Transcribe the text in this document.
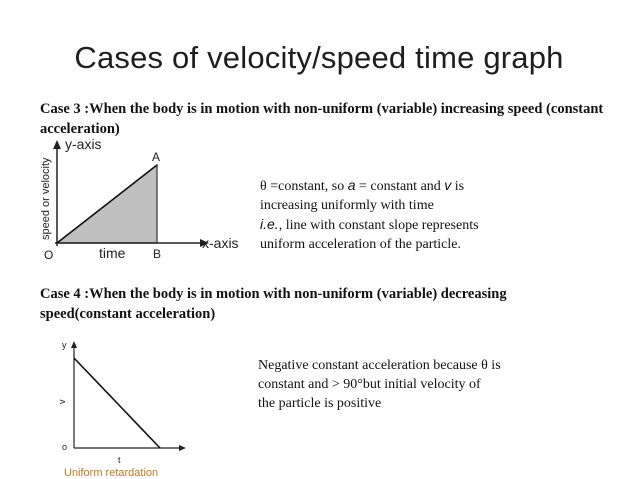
Cases of velocity/speed time graph
Case 3 :When the body is in motion with non-uniform (variable) increasing speed (constant acceleration)
y-axis
x-axis
speed or velocity
time
O
A
B
θ =constant, so a = constant and v is
increasing uniformly with time
i.e., line with constant slope represents
uniform acceleration of the particle.
Case 4 :When the body is in motion with non-uniform (variable) decreasing speed(constant acceleration)
y
v
o
t
Uniform retardation
Negative constant acceleration because θ is
constant and > 90°but initial velocity of
the particle is positive
